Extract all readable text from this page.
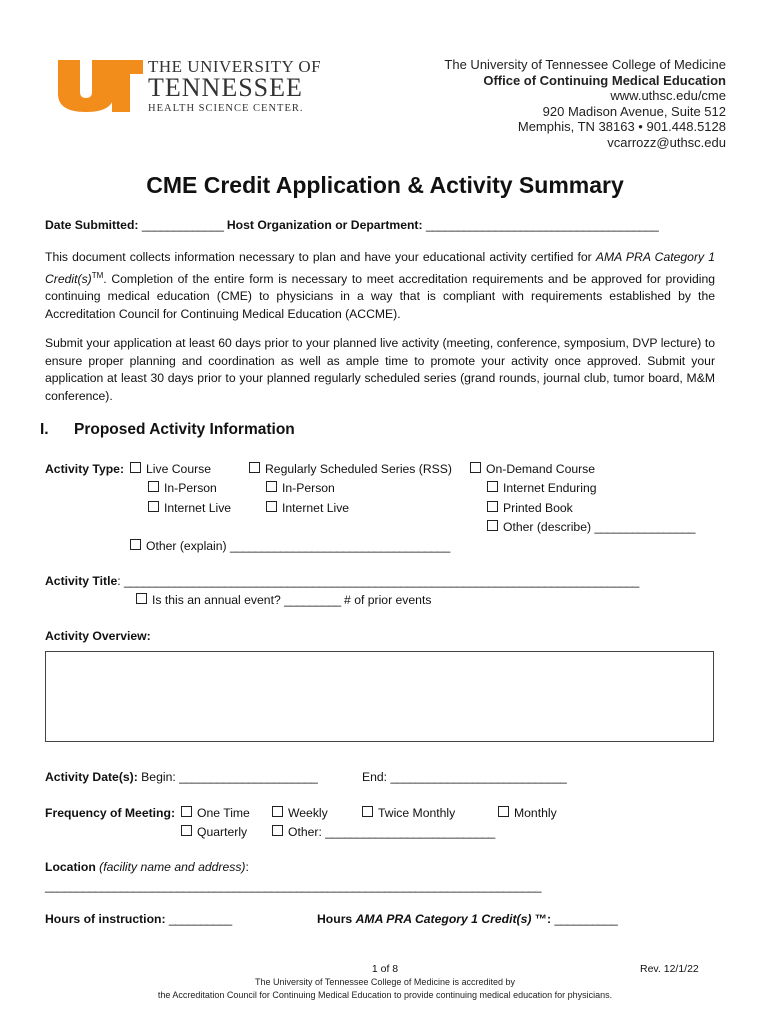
THE UNIVERSITY OF
TENNESSEE
HEALTH SCIENCE CENTER.
The University of Tennessee College of Medicine
Office of Continuing Medical Education
www.uthsc.edu/cme
920 Madison Avenue, Suite 512
Memphis, TN 38163 • 901.448.5128
vcarrozz@uthsc.edu
CME Credit Application & Activity Summary
Date Submitted: _____________ Host Organization or Department: _____________________________________
This document collects information necessary to plan and have your educational activity certified for AMA PRA Category 1 Credit(s)™. Completion of the entire form is necessary to meet accreditation requirements and be approved for providing continuing medical education (CME) to physicians in a way that is compliant with requirements established by the Accreditation Council for Continuing Medical Education (ACCME).
Submit your application at least 60 days prior to your planned live activity (meeting, conference, symposium, DVP lecture) to ensure proper planning and coordination as well as ample time to promote your activity once approved. Submit your application at least 30 days prior to your planned regularly scheduled series (grand rounds, journal club, tumor board, M&M conference).
I. Proposed Activity Information
Activity Type:	Live Course
In-Person
Internet Live
Regularly Scheduled Series (RSS)
In-Person
Internet Live
On-Demand Course
Internet Enduring
Printed Book
Other (describe) ________________
Other (explain) ___________________________________
Activity Title: __________________________________________________________________________________
Is this an annual event? _________ # of prior events
Activity Overview:
Activity Date(s): Begin: ______________________	End: ____________________________
Frequency of Meeting:	One Time	Weekly	Twice Monthly	Monthly
Quarterly	Other: ___________________________
Location (facility name and address):
_______________________________________________________________________________
Hours of instruction: __________	Hours AMA PRA Category 1 Credit(s) ™: __________
1 of 8	Rev. 12/1/22
The University of Tennessee College of Medicine is accredited by
the Accreditation Council for Continuing Medical Education to provide continuing medical education for physicians.
